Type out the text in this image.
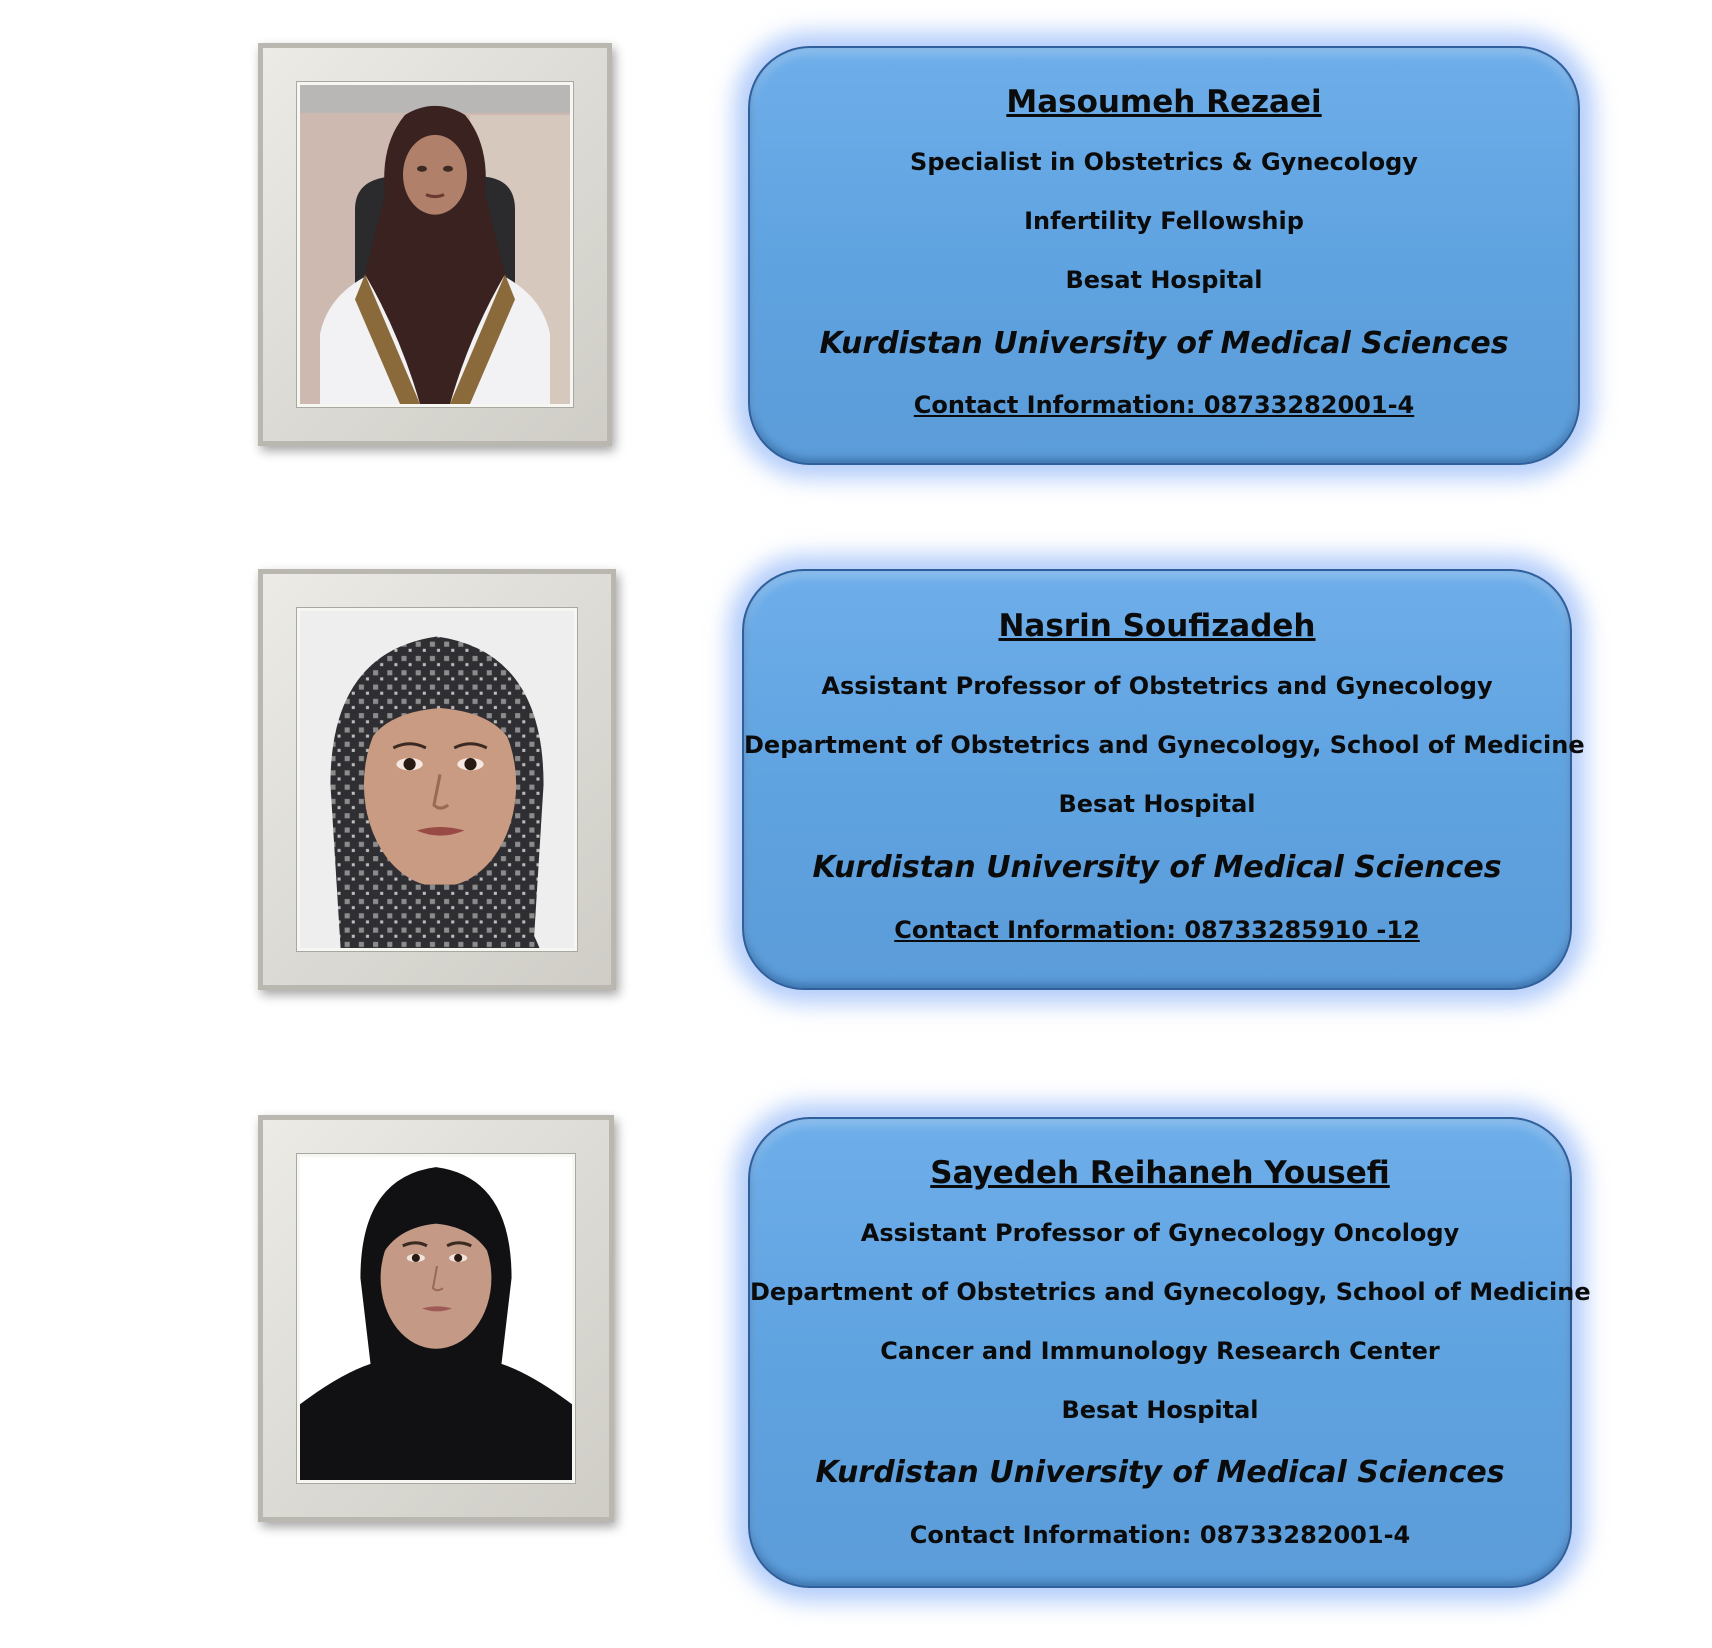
Masoumeh Rezaei
Specialist in Obstetrics & Gynecology
Infertility Fellowship
Besat Hospital
Kurdistan University of Medical Sciences
Contact Information: 08733282001-4
Nasrin Soufizadeh
Assistant Professor of Obstetrics and Gynecology
Department of Obstetrics and Gynecology, School of Medicine
Besat Hospital
Kurdistan University of Medical Sciences
Contact Information: 08733285910 -12
Sayedeh Reihaneh Yousefi
Assistant Professor of Gynecology Oncology
Department of Obstetrics and Gynecology, School of Medicine
Cancer and Immunology Research Center
Besat Hospital
Kurdistan University of Medical Sciences
Contact Information: 08733282001-4
